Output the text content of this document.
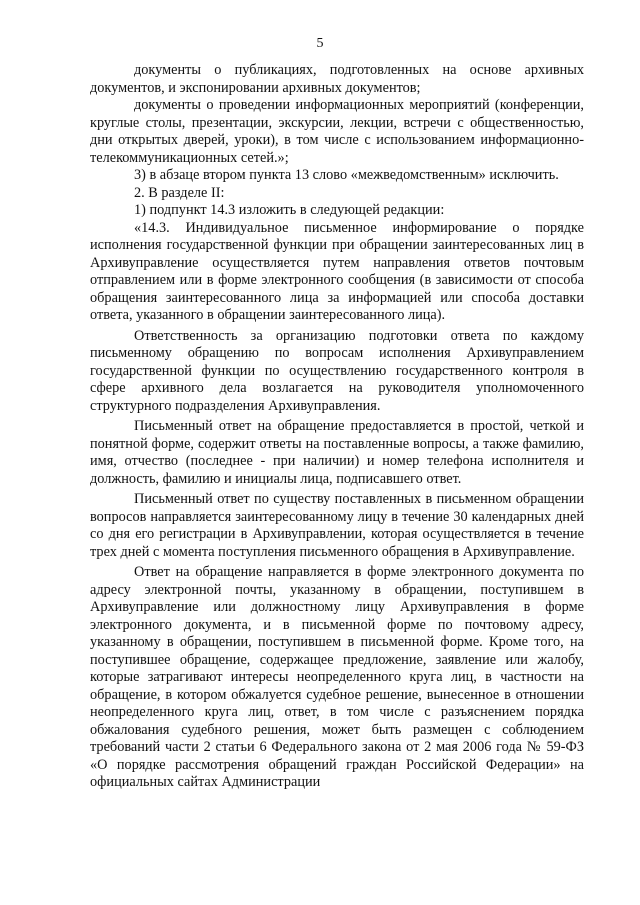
5

документы о публикациях, подготовленных на основе архивных документов, и экспонировании архивных документов;

документы о проведении информационных мероприятий (конференции, круглые столы, презентации, экскурсии, лекции, встречи с общественностью, дни открытых дверей, уроки), в том числе с использованием информационно-телекоммуникационных сетей.»;

3) в абзаце втором пункта 13 слово «межведомственным» исключить.

2. В разделе II:

1) подпункт 14.3 изложить в следующей редакции:

«14.3. Индивидуальное письменное информирование о порядке исполнения государственной функции при обращении заинтересованных лиц в Архивуправление осуществляется путем направления ответов почтовым отправлением или в форме электронного сообщения (в зависимости от способа обращения заинтересованного лица за информацией или способа доставки ответа, указанного в обращении заинтересованного лица).

Ответственность за организацию подготовки ответа по каждому письменному обращению по вопросам исполнения Архивуправлением государственной функции по осуществлению государственного контроля в сфере архивного дела возлагается на руководителя уполномоченного структурного подразделения Архивуправления.

Письменный ответ на обращение предоставляется в простой, четкой и понятной форме, содержит ответы на поставленные вопросы, а также фамилию, имя, отчество (последнее - при наличии) и номер телефона исполнителя и должность, фамилию и инициалы лица, подписавшего ответ.

Письменный ответ по существу поставленных в письменном обращении вопросов направляется заинтересованному лицу в течение 30 календарных дней со дня его регистрации в Архивуправлении, которая осуществляется в течение трех дней с момента поступления письменного обращения в Архивуправление.

Ответ на обращение направляется в форме электронного документа по адресу электронной почты, указанному в обращении, поступившем в Архивуправление или должностному лицу Архивуправления в форме электронного документа, и в письменной форме по почтовому адресу, указанному в обращении, поступившем в письменной форме. Кроме того, на поступившее обращение, содержащее предложение, заявление или жалобу, которые затрагивают интересы неопределенного круга лиц, в частности на обращение, в котором обжалуется судебное решение, вынесенное в отношении неопределенного круга лиц, ответ, в том числе с разъяснением порядка обжалования судебного решения, может быть размещен с соблюдением требований части 2 статьи 6 Федерального закона от 2 мая 2006 года № 59-ФЗ «О порядке рассмотрения обращений граждан Российской Федерации» на официальных сайтах Администрации
